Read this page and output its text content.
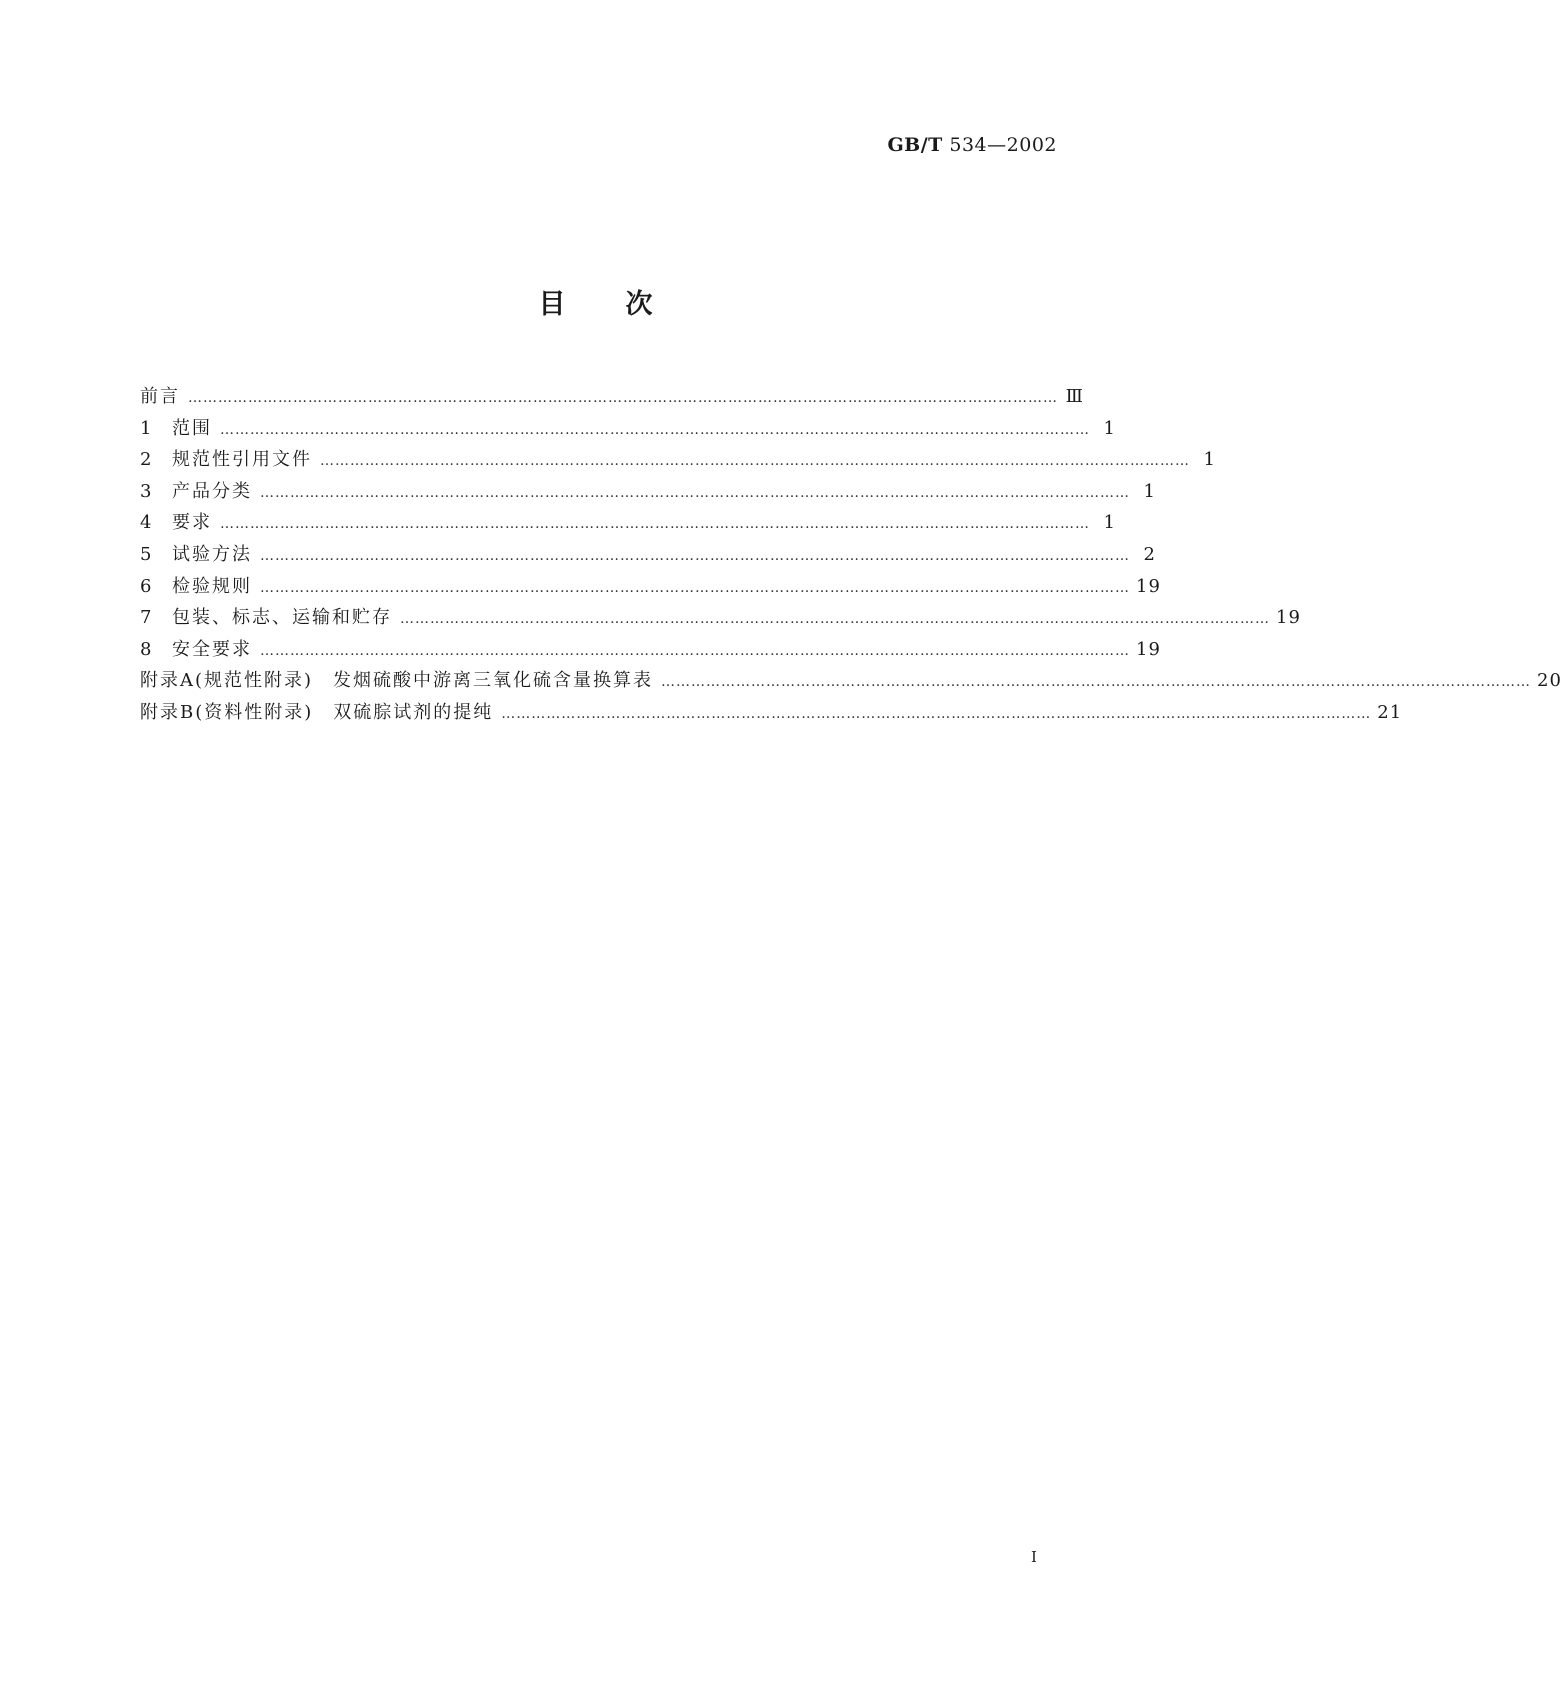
GB/T 534—2002
目次
前言 ………………………………………………………………………………………………………………………………………………………… Ⅲ
1	范围 ………………………………………………………………………………………………………………………………………………………… 1
2	规范性引用文件 ………………………………………………………………………………………………………………………………………………………… 1
3	产品分类 ………………………………………………………………………………………………………………………………………………………… 1
4	要求 ………………………………………………………………………………………………………………………………………………………… 1
5	试验方法 ………………………………………………………………………………………………………………………………………………………… 2
6	检验规则 ………………………………………………………………………………………………………………………………………………………… 19
7	包装、标志、运输和贮存 ………………………………………………………………………………………………………………………………………………………… 19
8	安全要求 ………………………………………………………………………………………………………………………………………………………… 19
附录A(规范性附录)　发烟硫酸中游离三氧化硫含量换算表 ………………………………………………………………………………………………………………………………………………………… 20
附录B(资料性附录)　双硫腙试剂的提纯 ………………………………………………………………………………………………………………………………………………………… 21
Ⅰ
